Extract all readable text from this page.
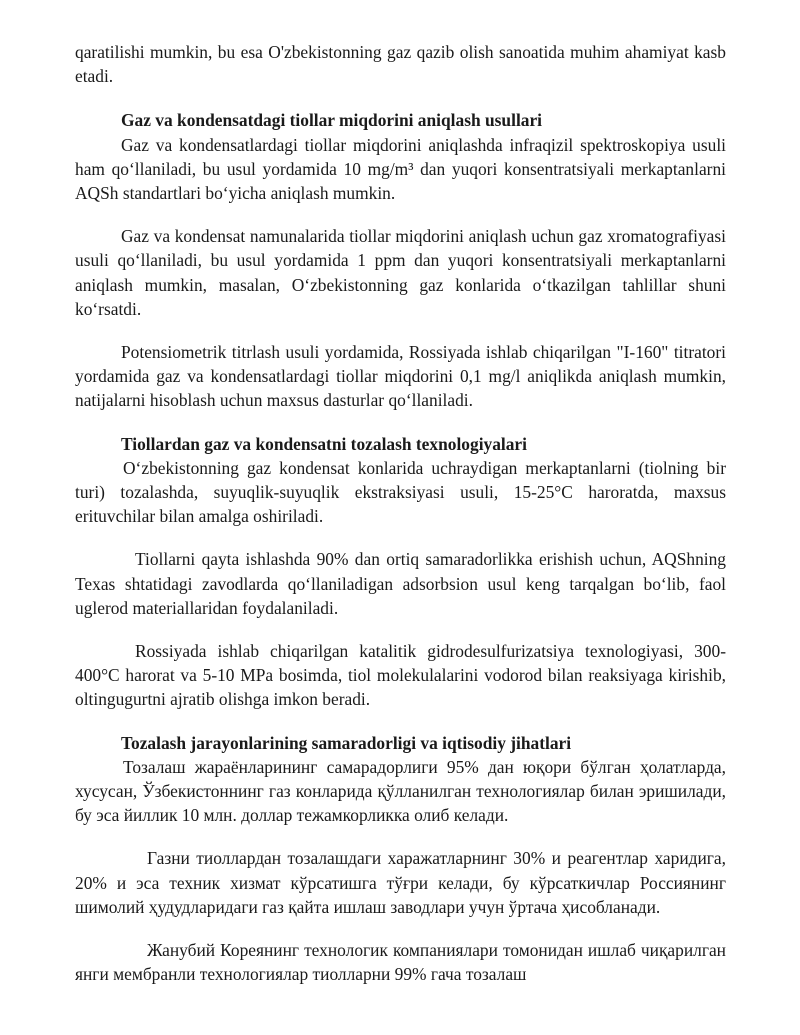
qaratilishi mumkin, bu esa O'zbekistonning gaz qazib olish sanoatida muhim ahamiyat kasb etadi.

Gaz va kondensatdagi tiollar miqdorini aniqlash usullari

Gaz va kondensatlardagi tiollar miqdorini aniqlashda infraqizil spektroskopiya usuli ham qo‘llaniladi, bu usul yordamida 10 mg/m³ dan yuqori konsentratsiyali merkaptanlarni AQSh standartlari bo‘yicha aniqlash mumkin.

Gaz va kondensat namunalarida tiollar miqdorini aniqlash uchun gaz xromatografiyasi usuli qo‘llaniladi, bu usul yordamida 1 ppm dan yuqori konsentratsiyali merkaptanlarni aniqlash mumkin, masalan, O‘zbekistonning gaz konlarida o‘tkazilgan tahlillar shuni ko‘rsatdi.

Potensiometrik titrlash usuli yordamida, Rossiyada ishlab chiqarilgan "I-160" titratori yordamida gaz va kondensatlardagi tiollar miqdorini 0,1 mg/l aniqlikda aniqlash mumkin, natijalarni hisoblash uchun maxsus dasturlar qo‘llaniladi.

Tiollardan gaz va kondensatni tozalash texnologiyalari

O‘zbekistonning gaz kondensat konlarida uchraydigan merkaptanlarni (tiolning bir turi) tozalashda, suyuqlik-suyuqlik ekstraksiyasi usuli, 15-25°C haroratda, maxsus erituvchilar bilan amalga oshiriladi.

Tiollarni qayta ishlashda 90% dan ortiq samaradorlikka erishish uchun, AQShning Texas shtatidagi zavodlarda qo‘llaniladigan adsorbsion usul keng tarqalgan bo‘lib, faol uglerod materiallaridan foydalaniladi.

Rossiyada ishlab chiqarilgan katalitik gidrodesulfurizatsiya texnologiyasi, 300-400°C harorat va 5-10 MPa bosimda, tiol molekulalarini vodorod bilan reaksiyaga kirishib, oltingugurtni ajratib olishga imkon beradi.

Tozalash jarayonlarining samaradorligi va iqtisodiy jihatlari

Тозалаш жараёнларининг самарадорлиги 95% дан юқори бўлган ҳолатларда, хусусан, Ўзбекистоннинг газ конларида қўлланилган технологиялар билан эришилади, бу эса йиллик 10 млн. доллар тежамкорликка олиб келади.

Газни тиоллардан тозалашдаги харажатларнинг 30% и реагентлар харидига, 20% и эса техник хизмат кўрсатишга тўғри келади, бу кўрсаткичлар Россиянинг шимолий ҳудудларидаги газ қайта ишлаш заводлари учун ўртача ҳисобланади.

Жанубий Кореянинг технологик компаниялари томонидан ишлаб чиқарилган янги мембранли технологиялар тиолларни 99% гача тозалаш
